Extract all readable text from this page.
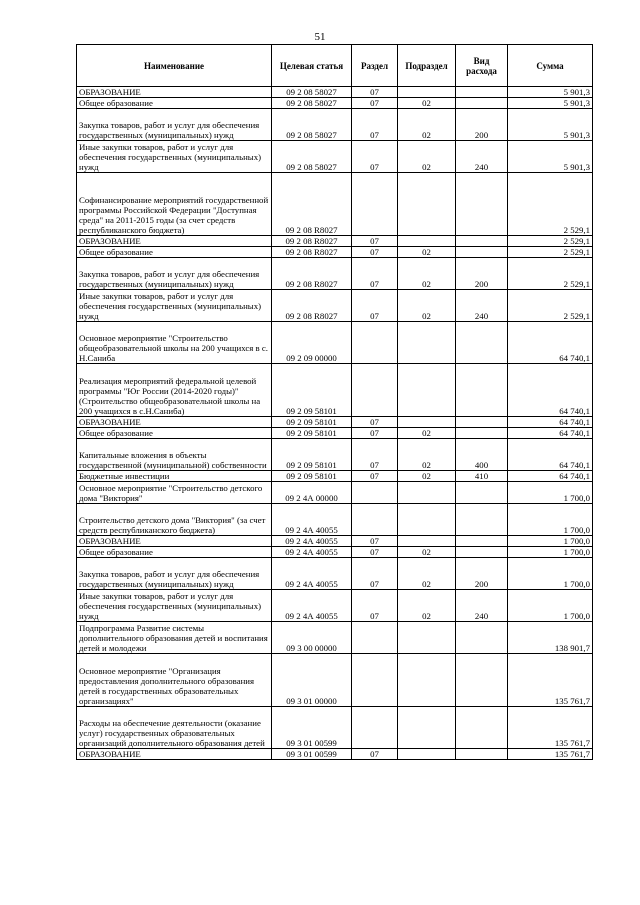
51
Наименование	Целевая статья	Раздел	Подраздел	Вид расхода	Сумма
ОБРАЗОВАНИЕ	09 2 08 58027	07			5 901,3
Общее образование	09 2 08 58027	07	02		5 901,3
Закупка товаров, работ и услуг для обеспечения государственных (муниципальных) нужд	09 2 08 58027	07	02	200	5 901,3
Иные закупки товаров, работ и услуг для обеспечения государственных (муниципальных) нужд	09 2 08 58027	07	02	240	5 901,3
Софинансирование мероприятий государственной программы Российской Федерации "Доступная среда" на 2011-2015 годы (за счет средств республиканского бюджета)	09 2 08 R8027				2 529,1
ОБРАЗОВАНИЕ	09 2 08 R8027	07			2 529,1
Общее образование	09 2 08 R8027	07	02		2 529,1
Закупка товаров, работ и услуг для обеспечения государственных (муниципальных) нужд	09 2 08 R8027	07	02	200	2 529,1
Иные закупки товаров, работ и услуг для обеспечения государственных (муниципальных) нужд	09 2 08 R8027	07	02	240	2 529,1
Основное мероприятие "Строительство общеобразовательной школы на 200 учащихся в с. Н.Саниба	09 2 09 00000				64 740,1
Реализация мероприятий федеральной целевой программы "Юг России (2014-2020 годы)" (Строительство общеобразовательной школы на 200 учащихся в с.Н.Саниба)	09 2 09 58101				64 740,1
ОБРАЗОВАНИЕ	09 2 09 58101	07			64 740,1
Общее образование	09 2 09 58101	07	02		64 740,1
Капитальные вложения в объекты государственной (муниципальной) собственности	09 2 09 58101	07	02	400	64 740,1
Бюджетные инвестиции	09 2 09 58101	07	02	410	64 740,1
Основное мероприятие "Строительство детского дома "Виктория"	09 2 4А 00000				1 700,0
Строительство детского дома "Виктория" (за счет средств республиканского бюджета)	09 2 4А 40055				1 700,0
ОБРАЗОВАНИЕ	09 2 4А 40055	07			1 700,0
Общее образование	09 2 4А 40055	07	02		1 700,0
Закупка товаров, работ и услуг для обеспечения государственных (муниципальных) нужд	09 2 4А 40055	07	02	200	1 700,0
Иные закупки товаров, работ и услуг для обеспечения государственных (муниципальных) нужд	09 2 4А 40055	07	02	240	1 700,0
Подпрограмма Развитие системы дополнительного образования детей и воспитания детей и молодежи	09 3 00 00000				138 901,7
Основное мероприятие "Организация предоставления дополнительного образования детей в государственных образовательных организациях"	09 3 01 00000				135 761,7
Расходы на обеспечение деятельности (оказание услуг) государственных образовательных организаций дополнительного образования детей	09 3 01 00599				135 761,7
ОБРАЗОВАНИЕ	09 3 01 00599	07			135 761,7
